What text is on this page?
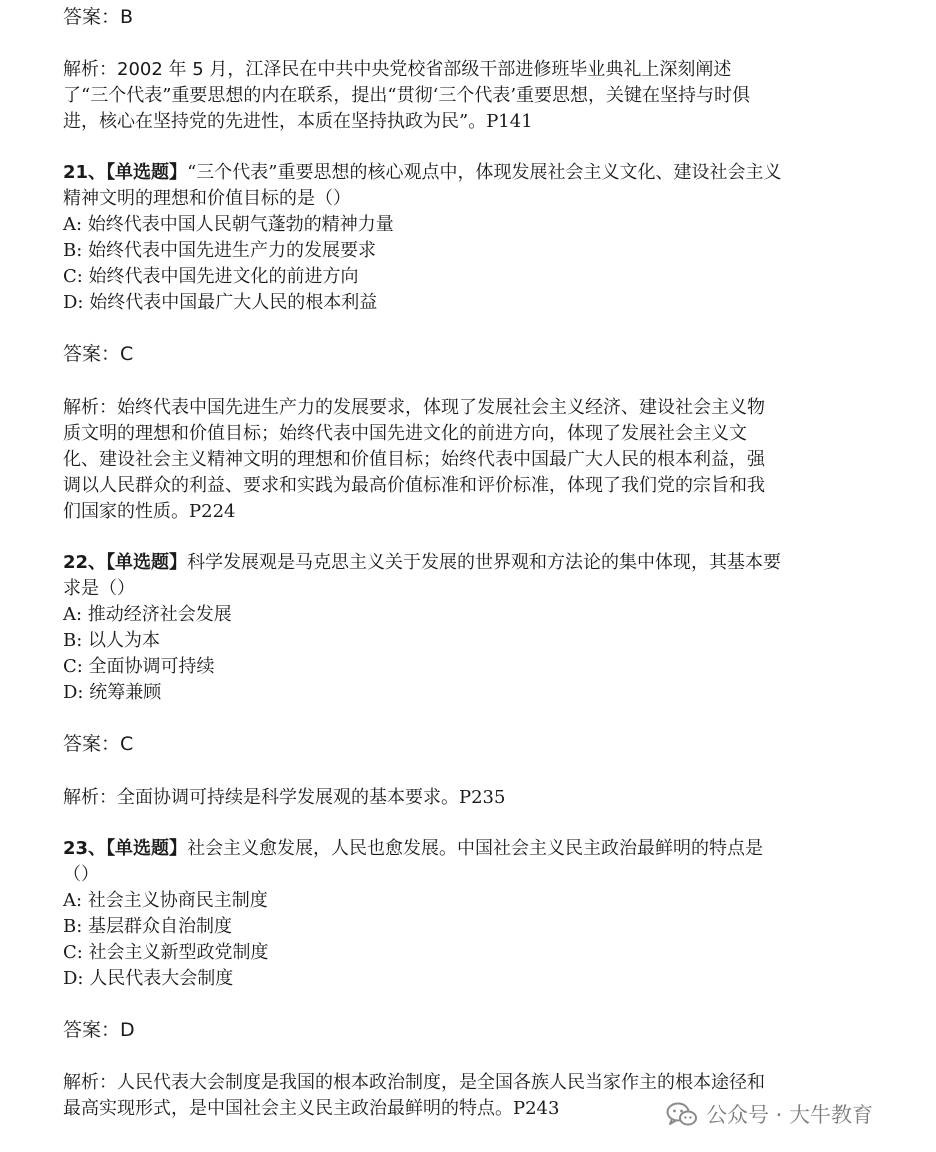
答案：B
解析：2002 年 5 月，江泽民在中共中央党校省部级干部进修班毕业典礼上深刻阐述
了“三个代表”重要思想的内在联系，提出“贯彻‘三个代表’重要思想，关键在坚持与时俱
进，核心在坚持党的先进性，本质在坚持执政为民”。P141
21、【单选题】“三个代表”重要思想的核心观点中，体现发展社会主义文化、建设社会主义
精神文明的理想和价值目标的是（）
A: 始终代表中国人民朝气蓬勃的精神力量
B: 始终代表中国先进生产力的发展要求
C: 始终代表中国先进文化的前进方向
D: 始终代表中国最广大人民的根本利益
答案：C
解析：始终代表中国先进生产力的发展要求，体现了发展社会主义经济、建设社会主义物
质文明的理想和价值目标；始终代表中国先进文化的前进方向，体现了发展社会主义文
化、建设社会主义精神文明的理想和价值目标；始终代表中国最广大人民的根本利益，强
调以人民群众的利益、要求和实践为最高价值标准和评价标准，体现了我们党的宗旨和我
们国家的性质。P224
22、【单选题】科学发展观是马克思主义关于发展的世界观和方法论的集中体现，其基本要
求是（）
A: 推动经济社会发展
B: 以人为本
C: 全面协调可持续
D: 统筹兼顾
答案：C
解析：全面协调可持续是科学发展观的基本要求。P235
23、【单选题】社会主义愈发展，人民也愈发展。中国社会主义民主政治最鲜明的特点是
（）
A: 社会主义协商民主制度
B: 基层群众自治制度
C: 社会主义新型政党制度
D: 人民代表大会制度
答案：D
解析：人民代表大会制度是我国的根本政治制度，是全国各族人民当家作主的根本途径和
最高实现形式，是中国社会主义民主政治最鲜明的特点。P243	公众号 · 大牛教育
